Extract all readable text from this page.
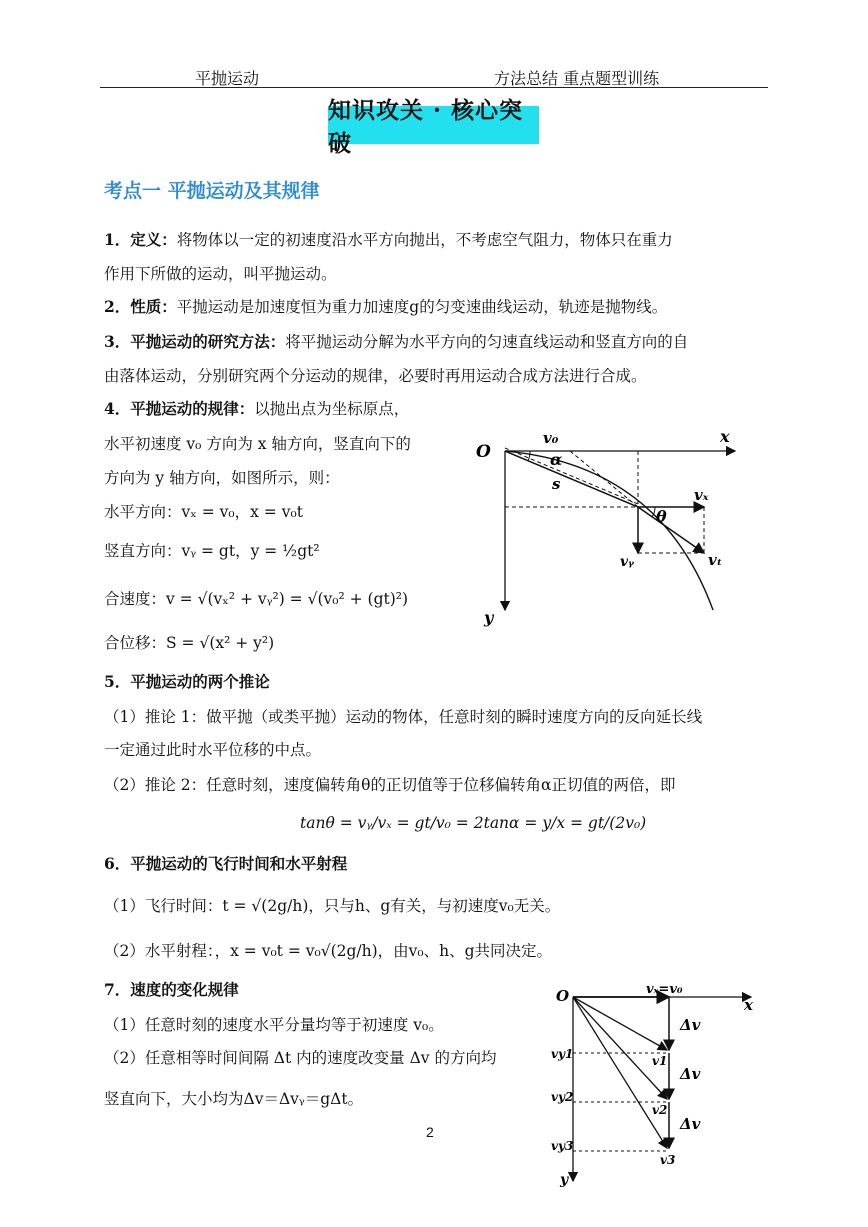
平抛运动	方法总结 重点题型训练
知识攻关 · 核心突破
考点一 平抛运动及其规律
1．定义：将物体以一定的初速度沿水平方向抛出，不考虑空气阻力，物体只在重力
作用下所做的运动，叫平抛运动。
2．性质：平抛运动是加速度恒为重力加速度g的匀变速曲线运动，轨迹是抛物线。
3．平抛运动的研究方法：将平抛运动分解为水平方向的匀速直线运动和竖直方向的自
由落体运动，分别研究两个分运动的规律，必要时再用运动合成方法进行合成。
4．平抛运动的规律：以抛出点为坐标原点，
水平初速度 v₀ 方向为 x 轴方向，竖直向下的
方向为 y 轴方向，如图所示，则：
水平方向：vₓ = v₀，x = v₀t
竖直方向：vᵧ = gt，y = ½gt²
合速度：v = √(vₓ² + vᵧ²) = √(v₀² + (gt)²)
合位移：S = √(x² + y²)
O
v₀	x
α
s
vₓ
θ
vᵧ	vₜ
y
5．平抛运动的两个推论
（1）推论 1：做平抛（或类平抛）运动的物体，任意时刻的瞬时速度方向的反向延长线
一定通过此时水平位移的中点。
（2）推论 2：任意时刻，速度偏转角θ的正切值等于位移偏转角α正切值的两倍，即
tanθ = vᵧ/vₓ = gt/v₀ = 2tanα = y/x = gt/(2v₀)
6．平抛运动的飞行时间和水平射程
（1）飞行时间：t = √(2g/h)，只与h、g有关，与初速度v₀无关。
（2）水平射程：，x = v₀t = v₀√(2g/h)，由v₀、h、g共同决定。
7．速度的变化规律
（1）任意时刻的速度水平分量均等于初速度 v₀。
（2）任意相等时间间隔 Δt 内的速度改变量 Δv 的方向均
竖直向下，大小均为Δv＝Δvᵧ＝gΔt。
O	vₓ=v₀
x
Δv
Δv
Δv
vy1
vy2
vy3
v1
v2
v3
y
2
